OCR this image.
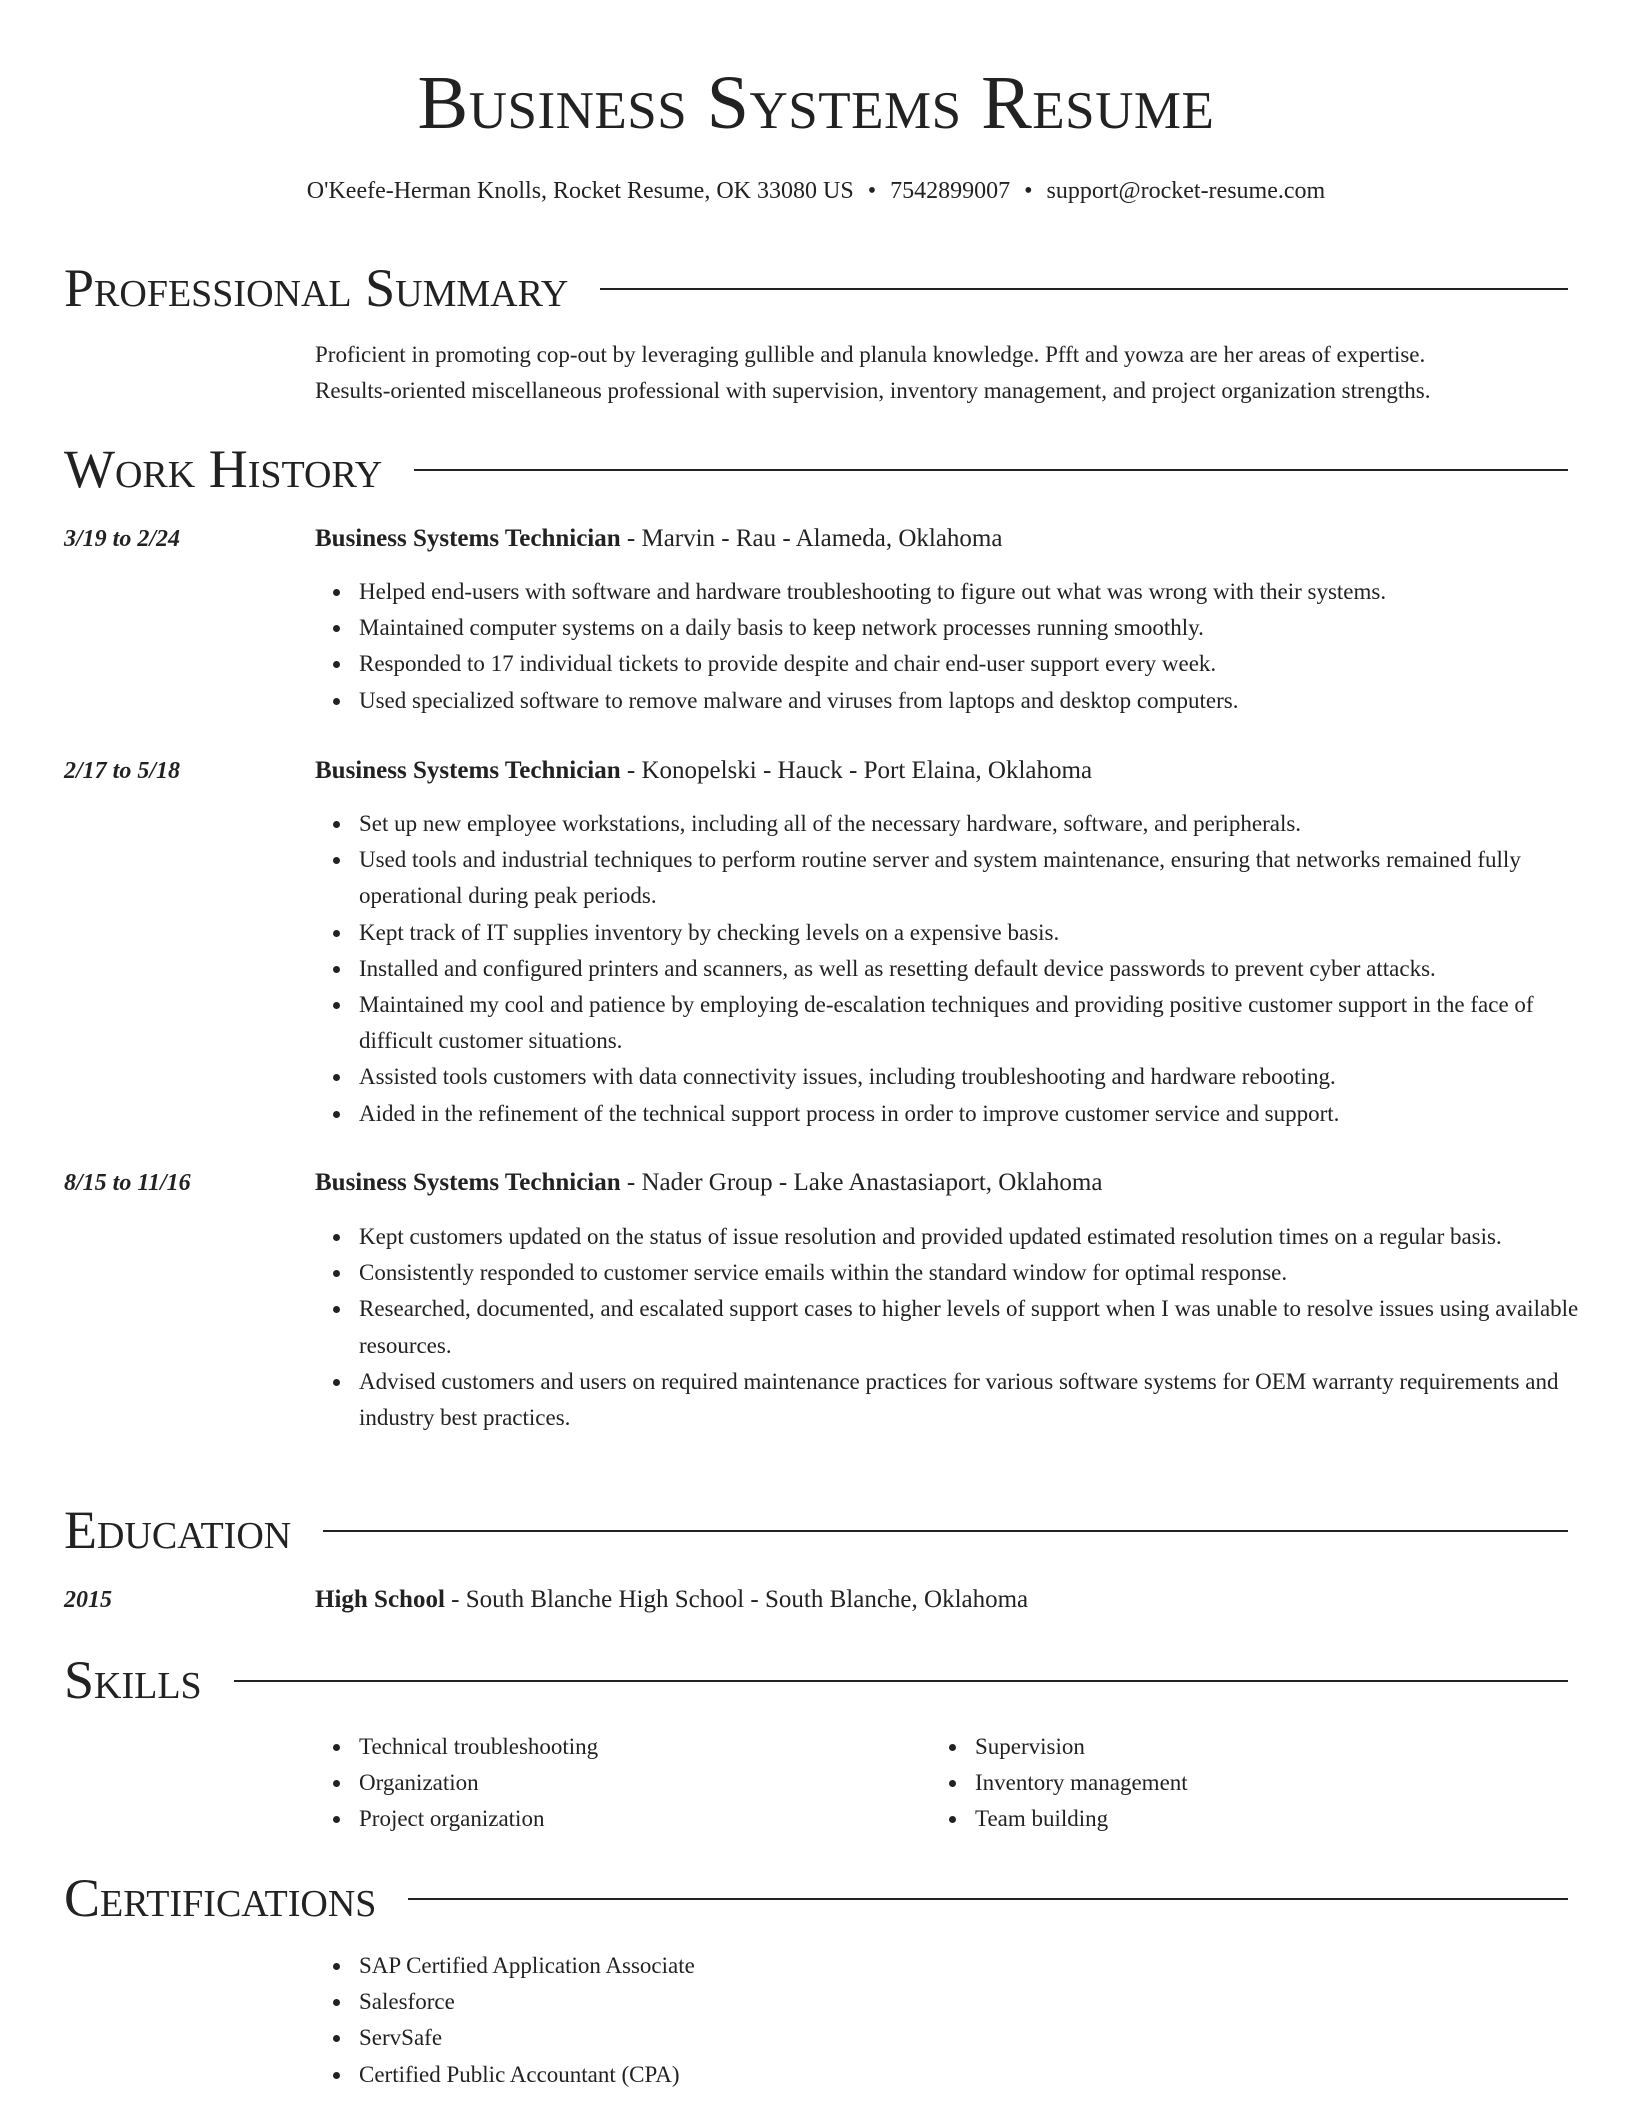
Business Systems Resume
O'Keefe-Herman Knolls, Rocket Resume, OK 33080 US • 7542899007 • support@rocket-resume.com
Professional Summary
Proficient in promoting cop-out by leveraging gullible and planula knowledge. Pfft and yowza are her areas of expertise.
Results-oriented miscellaneous professional with supervision, inventory management, and project organization strengths.
Work History
3/19 to 2/24	Business Systems Technician - Marvin - Rau - Alameda, Oklahoma
Helped end-users with software and hardware troubleshooting to figure out what was wrong with their systems.
Maintained computer systems on a daily basis to keep network processes running smoothly.
Responded to 17 individual tickets to provide despite and chair end-user support every week.
Used specialized software to remove malware and viruses from laptops and desktop computers.
2/17 to 5/18	Business Systems Technician - Konopelski - Hauck - Port Elaina, Oklahoma
Set up new employee workstations, including all of the necessary hardware, software, and peripherals.
Used tools and industrial techniques to perform routine server and system maintenance, ensuring that networks remained fully operational during peak periods.
Kept track of IT supplies inventory by checking levels on a expensive basis.
Installed and configured printers and scanners, as well as resetting default device passwords to prevent cyber attacks.
Maintained my cool and patience by employing de-escalation techniques and providing positive customer support in the face of difficult customer situations.
Assisted tools customers with data connectivity issues, including troubleshooting and hardware rebooting.
Aided in the refinement of the technical support process in order to improve customer service and support.
8/15 to 11/16	Business Systems Technician - Nader Group - Lake Anastasiaport, Oklahoma
Kept customers updated on the status of issue resolution and provided updated estimated resolution times on a regular basis.
Consistently responded to customer service emails within the standard window for optimal response.
Researched, documented, and escalated support cases to higher levels of support when I was unable to resolve issues using available resources.
Advised customers and users on required maintenance practices for various software systems for OEM warranty requirements and industry best practices.
Education
2015	High School - South Blanche High School - South Blanche, Oklahoma
Skills
Technical troubleshooting
Organization
Project organization
Supervision
Inventory management
Team building
Certifications
SAP Certified Application Associate
Salesforce
ServSafe
Certified Public Accountant (CPA)
